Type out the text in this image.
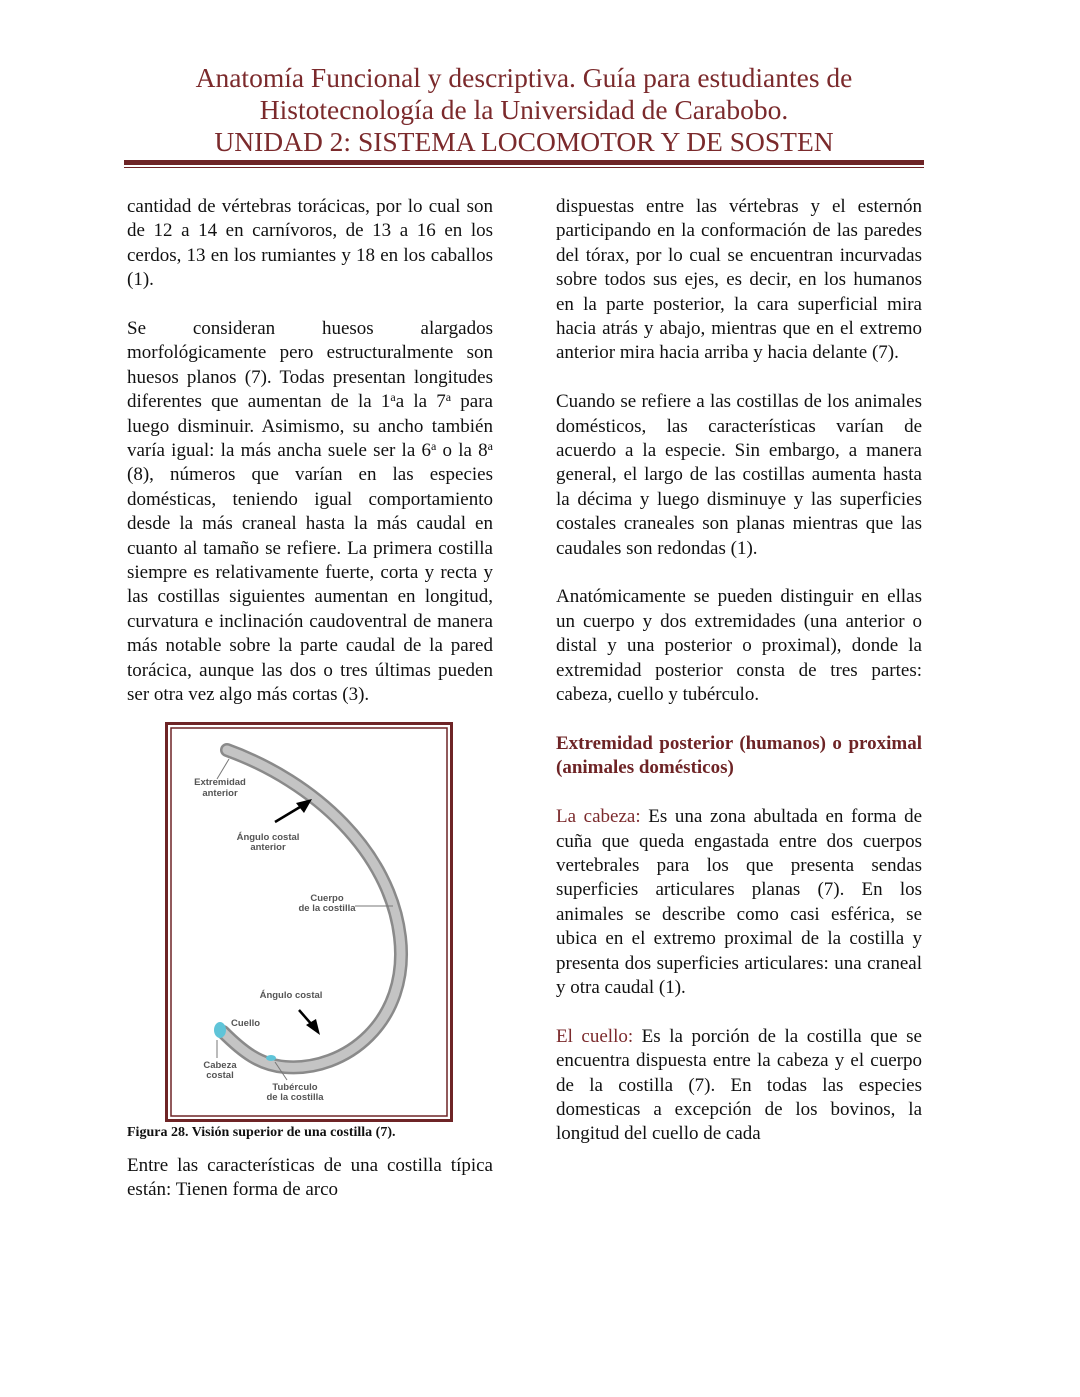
Anatomía Funcional y descriptiva. Guía para estudiantes de
Histotecnología de la Universidad de Carabobo.
UNIDAD 2: SISTEMA LOCOMOTOR Y DE SOSTEN

cantidad de vértebras torácicas, por lo cual son de 12 a 14 en carnívoros, de 13 a 16 en los cerdos, 13 en los rumiantes y 18 en los caballos (1).

Se consideran huesos alargados morfológicamente pero estructuralmente son huesos planos (7). Todas presentan longitudes diferentes que aumentan de la 1$^a$a la 7$^a$ para luego disminuir. Asimismo, su ancho también varía igual: la más ancha suele ser la 6$^a$ o la 8$^a$ (8), números que varían en las especies domésticas, teniendo igual comportamiento desde la más craneal hasta la más caudal en cuanto al tamaño se refiere. La primera costilla siempre es relativamente fuerte, corta y recta y las costillas siguientes aumentan en longitud, curvatura e inclinación caudoventral de manera más notable sobre la parte caudal de la pared torácica, aunque las dos o tres últimas pueden ser otra vez algo más cortas (3).

Extremidad
anterior
Ángulo costal
anterior
Cuerpo
de la costilla
Ángulo costal
Cuello
Cabeza
costal
Tubérculo
de la costilla
Figura 28. Visión superior de una costilla (7).

Entre las características de una costilla típica están: Tienen forma de arco

dispuestas entre las vértebras y el esternón participando en la conformación de las paredes del tórax, por lo cual se encuentran incurvadas sobre todos sus ejes, es decir, en los humanos en la parte posterior, la cara superficial mira hacia atrás y abajo, mientras que en el extremo anterior mira hacia arriba y hacia delante (7).

Cuando se refiere a las costillas de los animales domésticos, las características varían de acuerdo a la especie. Sin embargo, a manera general, el largo de las costillas aumenta hasta la décima y luego disminuye y las superficies costales craneales son planas mientras que las caudales son redondas (1).

Anatómicamente se pueden distinguir en ellas un cuerpo y dos extremidades (una anterior o distal y una posterior o proximal), donde la extremidad posterior consta de tres partes: cabeza, cuello y tubérculo.

Extremidad posterior (humanos) o proximal (animales domésticos)

La cabeza: Es una zona abultada en forma de cuña que queda engastada entre dos cuerpos vertebrales para los que presenta sendas superficies articulares planas (7). En los animales se describe como casi esférica, se ubica en el extremo proximal de la costilla y presenta dos superficies articulares: una craneal y otra caudal (1).

El cuello: Es la porción de la costilla que se encuentra dispuesta entre la cabeza y el cuerpo de la costilla (7). En todas las especies domesticas a excepción de los bovinos, la longitud del cuello de cada
